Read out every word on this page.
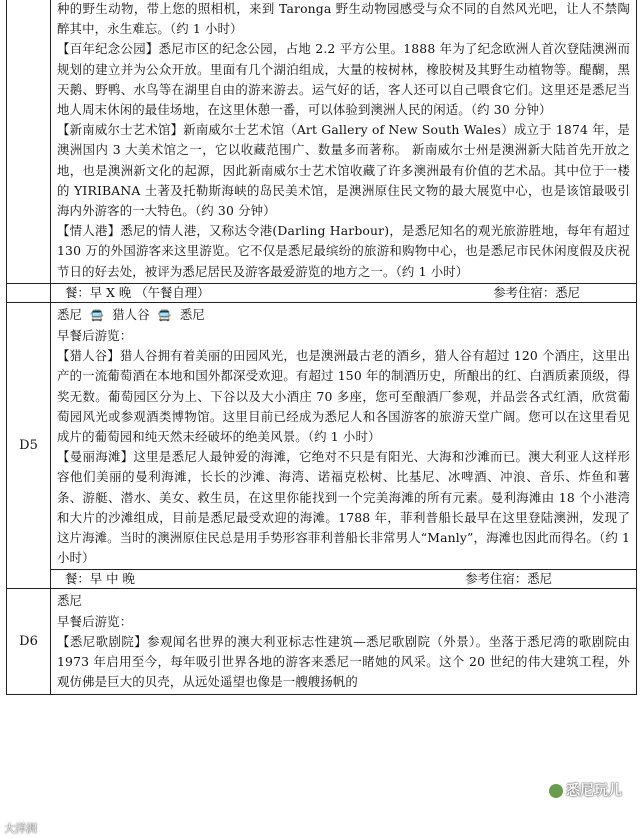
	种的野生动物，带上您的照相机，来到 Taronga 野生动物园感受与众不同的自然风光吧，让人不禁陶醉其中，永生难忘。（约 1 小时）

【百年纪念公园】悉尼市区的纪念公园，占地 2.2 平方公里。1888 年为了纪念欧洲人首次登陆澳洲而规划的建立并为公众开放。里面有几个湖泊组成，大量的桉树林，橡胶树及其野生动植物等。醍醐，黑天鹅、野鸭、水鸟等在湖里自由的游来游去。运气好的话，客人还可以自己喂食它们。这里还是悉尼当地人周末休闲的最佳场地，在这里休憩一番，可以体验到澳洲人民的闲适。（约 30 分钟）

【新南威尔士艺术馆】新南威尔士艺术馆（Art Gallery of New South Wales）成立于 1874 年，是澳洲国内 3 大美术馆之一，它以收藏范围广、数量多而著称。 新南威尔士州是澳洲新大陆首先开放之地，也是澳洲新文化的起源，因此新南威尔士艺术馆收藏了许多澳洲最有价值的艺术品。其中位于一楼的 YIRIBANA 土著及托勒斯海峡的岛民美术馆，是澳洲原住民文物的最大展览中心，也是该馆最吸引海内外游客的一大特色。（约 30 分钟）

【情人港】悉尼的情人港，又称达令港(Darling Harbour)，是悉尼知名的观光旅游胜地，每年有超过 130 万的外国游客来这里游览。它不仅是悉尼最缤纷的旅游和购物中心，也是悉尼市民休闲度假及庆祝节日的好去处，被评为悉尼居民及游客最爱游览的地方之一。（约 1 小时）

	餐：早 X 晚 （午餐自理） 参考住宿：悉尼

D5	悉尼 🚍 猎人谷 🚍 悉尼

早餐后游览：

【猎人谷】猎人谷拥有着美丽的田园风光，也是澳洲最古老的酒乡，猎人谷有超过 120 个酒庄，这里出产的一流葡萄酒在本地和国外都深受欢迎。有超过 150 年的制酒历史，所酿出的红、白酒质素顶级，得奖无数。葡萄园区分为上、下谷以及大小酒庄 70 多座，您可至酿酒厂参观，并品尝各式红酒，欣赏葡萄园风光或参观酒类博物馆。这里目前已经成为悉尼人和各国游客的旅游天堂广阔。您可以在这里看见成片的葡萄园和纯天然未经破坏的绝美风景。（约 1 小时）

【曼丽海滩】这里是悉尼人最钟爱的海滩，它绝对不只是有阳光、大海和沙滩而已。澳大利亚人这样形容他们美丽的曼利海滩，长长的沙滩、海湾、诺福克松树、比基尼、冰啤酒、冲浪、音乐、炸鱼和薯条、游艇、潜水、美女、救生员，在这里你能找到一个完美海滩的所有元素。曼利海滩由 18 个小港湾和大片的沙滩组成，目前是悉尼最受欢迎的海滩。1788 年，菲利普船长最早在这里登陆澳洲，发现了这片海滩。当时的澳洲原住民总是用手势形容菲利普船长非常男人“Manly”，海滩也因此而得名。（约 1 小时）

	餐：早 中 晚 参考住宿：悉尼

D6	悉尼

早餐后游览：

【悉尼歌剧院】参观闻名世界的澳大利亚标志性建筑—悉尼歌剧院（外景）。坐落于悉尼湾的歌剧院由 1973 年启用至今，每年吸引世界各地的游客来悉尼一睹她的风采。这个 20 世纪的伟大建筑工程，外观仿佛是巨大的贝壳，从远处遥望也像是一艘艘扬帆的

悉尼玩儿
大洋洲
